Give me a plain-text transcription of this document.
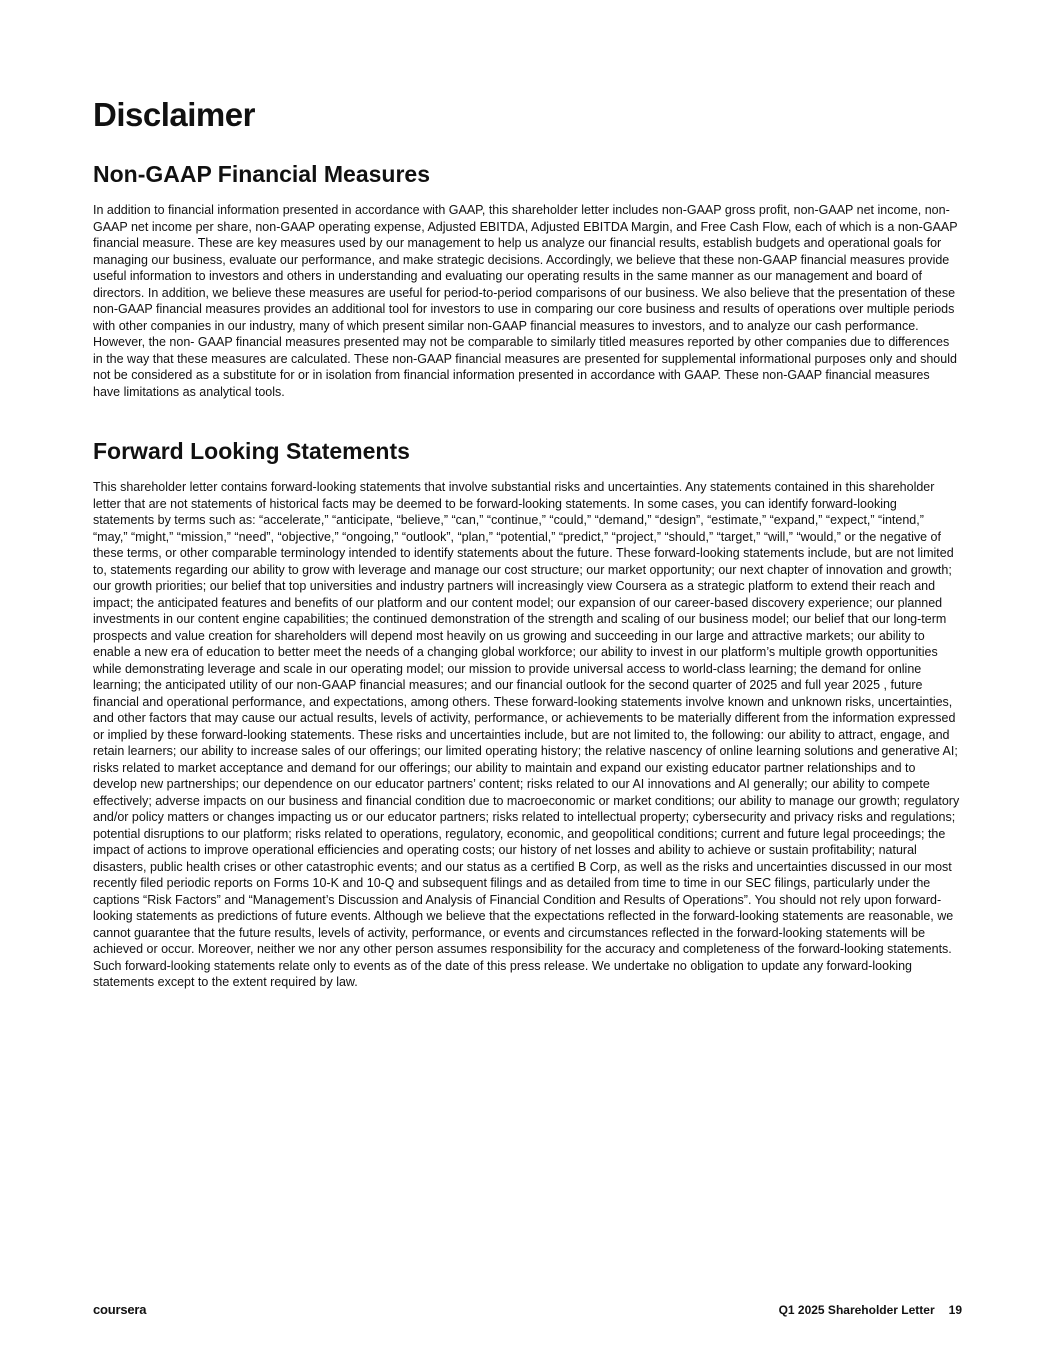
Disclaimer
Non-GAAP Financial Measures

In addition to financial information presented in accordance with GAAP, this shareholder letter includes non-GAAP gross profit, non-GAAP net income, non-GAAP net income per share, non-GAAP operating expense, Adjusted EBITDA, Adjusted EBITDA Margin, and Free Cash Flow, each of which is a non-GAAP financial measure. These are key measures used by our management to help us analyze our financial results, establish budgets and operational goals for managing our business, evaluate our performance, and make strategic decisions. Accordingly, we believe that these non-GAAP financial measures provide useful information to investors and others in understanding and evaluating our operating results in the same manner as our management and board of directors. In addition, we believe these measures are useful for period-to-period comparisons of our business. We also believe that the presentation of these non-GAAP financial measures provides an additional tool for investors to use in comparing our core business and results of operations over multiple periods with other companies in our industry, many of which present similar non-GAAP financial measures to investors, and to analyze our cash performance. However, the non- GAAP financial measures presented may not be comparable to similarly titled measures reported by other companies due to differences in the way that these measures are calculated. These non-GAAP financial measures are presented for supplemental informational purposes only and should not be considered as a substitute for or in isolation from financial information presented in accordance with GAAP. These non-GAAP financial measures have limitations as analytical tools.

Forward Looking Statements

This shareholder letter contains forward-looking statements that involve substantial risks and uncertainties. Any statements contained in this shareholder letter that are not statements of historical facts may be deemed to be forward-looking statements. In some cases, you can identify forward-looking statements by terms such as: “accelerate,” “anticipate, “believe,” “can,” “continue,” “could,” “demand,” “design”, “estimate,” “expand,” “expect,” “intend,” “may,” “might,” “mission,” “need”, “objective,” “ongoing,” “outlook”, “plan,” “potential,” “predict,” “project,” “should,” “target,” “will,” “would,” or the negative of these terms, or other comparable terminology intended to identify statements about the future. These forward-looking statements include, but are not limited to, statements regarding our ability to grow with leverage and manage our cost structure; our market opportunity; our next chapter of innovation and growth; our growth priorities; our belief that top universities and industry partners will increasingly view Coursera as a strategic platform to extend their reach and impact; the anticipated features and benefits of our platform and our content model; our expansion of our career-based discovery experience; our planned investments in our content engine capabilities; the continued demonstration of the strength and scaling of our business model; our belief that our long-term prospects and value creation for shareholders will depend most heavily on us growing and succeeding in our large and attractive markets; our ability to enable a new era of education to better meet the needs of a changing global workforce; our ability to invest in our platform’s multiple growth opportunities while demonstrating leverage and scale in our operating model; our mission to provide universal access to world-class learning; the demand for online learning; the anticipated utility of our non-GAAP financial measures; and our financial outlook for the second quarter of 2025 and full year 2025 , future financial and operational performance, and expectations, among others. These forward-looking statements involve known and unknown risks, uncertainties, and other factors that may cause our actual results, levels of activity, performance, or achievements to be materially different from the information expressed or implied by these forward-looking statements. These risks and uncertainties include, but are not limited to, the following: our ability to attract, engage, and retain learners; our ability to increase sales of our offerings; our limited operating history; the relative nascency of online learning solutions and generative AI; risks related to market acceptance and demand for our offerings; our ability to maintain and expand our existing educator partner relationships and to develop new partnerships; our dependence on our educator partners’ content; risks related to our AI innovations and AI generally; our ability to compete effectively; adverse impacts on our business and financial condition due to macroeconomic or market conditions; our ability to manage our growth; regulatory and/or policy matters or changes impacting us or our educator partners; risks related to intellectual property; cybersecurity and privacy risks and regulations; potential disruptions to our platform; risks related to operations, regulatory, economic, and geopolitical conditions; current and future legal proceedings; the impact of actions to improve operational efficiencies and operating costs; our history of net losses and ability to achieve or sustain profitability; natural disasters, public health crises or other catastrophic events; and our status as a certified B Corp, as well as the risks and uncertainties discussed in our most recently filed periodic reports on Forms 10-K and 10-Q and subsequent filings and as detailed from time to time in our SEC filings, particularly under the captions “Risk Factors” and “Management’s Discussion and Analysis of Financial Condition and Results of Operations”. You should not rely upon forward-looking statements as predictions of future events. Although we believe that the expectations reflected in the forward-looking statements are reasonable, we cannot guarantee that the future results, levels of activity, performance, or events and circumstances reflected in the forward-looking statements will be achieved or occur. Moreover, neither we nor any other person assumes responsibility for the accuracy and completeness of the forward-looking statements. Such forward-looking statements relate only to events as of the date of this press release. We undertake no obligation to update any forward-looking statements except to the extent required by law.

coursera	Q1 2025 Shareholder Letter 19
